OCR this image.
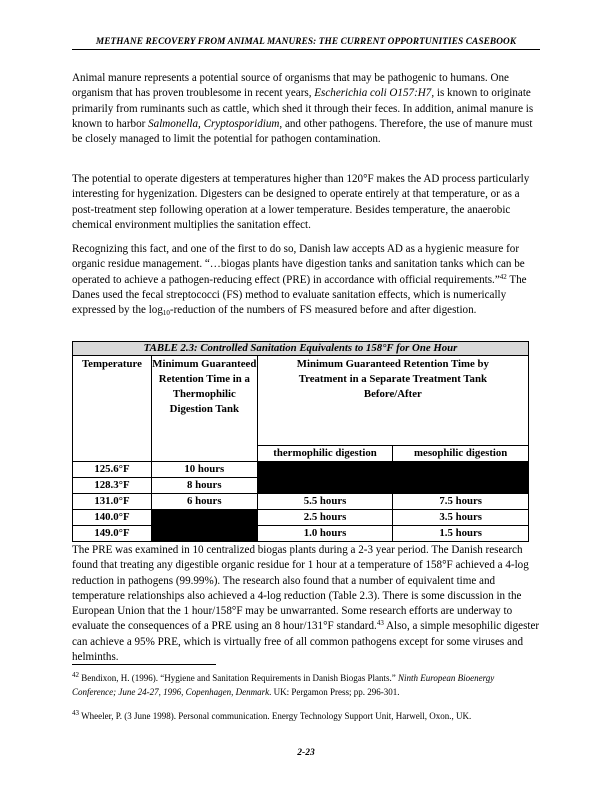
METHANE RECOVERY FROM ANIMAL MANURES: THE CURRENT OPPORTUNITIES CASEBOOK
Animal manure represents a potential source of organisms that may be pathogenic to humans. One organism that has proven troublesome in recent years, Escherichia coli O157:H7, is known to originate primarily from ruminants such as cattle, which shed it through their feces. In addition, animal manure is known to harbor Salmonella, Cryptosporidium, and other pathogens. Therefore, the use of manure must be closely managed to limit the potential for pathogen contamination.
The potential to operate digesters at temperatures higher than 120°F makes the AD process particularly interesting for hygenization. Digesters can be designed to operate entirely at that temperature, or as a post-treatment step following operation at a lower temperature. Besides temperature, the anaerobic chemical environment multiplies the sanitation effect.
Recognizing this fact, and one of the first to do so, Danish law accepts AD as a hygienic measure for organic residue management. “…biogas plants have digestion tanks and sanitation tanks which can be operated to achieve a pathogen-reducing effect (PRE) in accordance with official requirements.”$^{42}$ The Danes used the fecal streptococci (FS) method to evaluate sanitation effects, which is numerically expressed by the $\log_{10}$-reduction of the numbers of FS measured before and after digestion.
TABLE 2.3: Controlled Sanitation Equivalents to 158°F for One Hour			
Temperature	Minimum Guaranteed Retention Time in a Thermophilic Digestion Tank	Minimum Guaranteed Retention Time by Treatment in a Separate Treatment Tank Before/After	
		thermophilic digestion	mesophilic digestion
125.6°F	10 hours		
128.3°F	8 hours		
131.0°F	6 hours	5.5 hours	7.5 hours
140.0°F		2.5 hours	3.5 hours
149.0°F		1.0 hours	1.5 hours
The PRE was examined in 10 centralized biogas plants during a 2-3 year period. The Danish research found that treating any digestible organic residue for 1 hour at a temperature of 158°F achieved a 4-log reduction in pathogens (99.99%). The research also found that a number of equivalent time and temperature relationships also achieved a 4-log reduction (Table 2.3). There is some discussion in the European Union that the 1 hour/158°F may be unwarranted. Some research efforts are underway to evaluate the consequences of a PRE using an 8 hour/131°F standard.$^{43}$ Also, a simple mesophilic digester can achieve a 95% PRE, which is virtually free of all common pathogens except for some viruses and helminths.
$^{42}$ Bendixon, H. (1996). “Hygiene and Sanitation Requirements in Danish Biogas Plants.” Ninth European Bioenergy Conference; June 24-27, 1996, Copenhagen, Denmark. UK: Pergamon Press; pp. 296-301.
$^{43}$ Wheeler, P. (3 June 1998). Personal communication. Energy Technology Support Unit, Harwell, Oxon., UK.
2-23
